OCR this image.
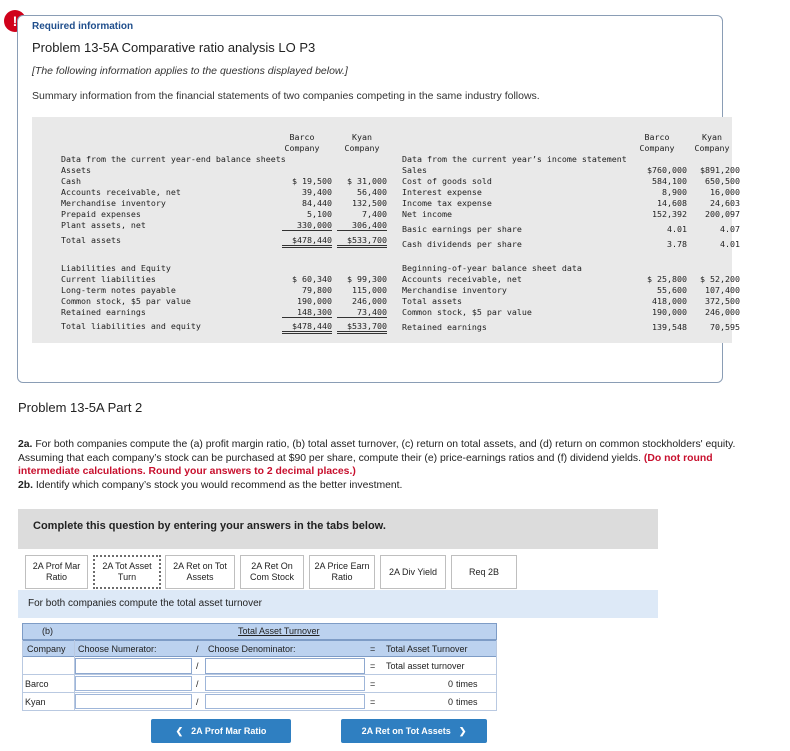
!	Required information
Problem 13-5A Comparative ratio analysis LO P3
[The following information applies to the questions displayed below.]
Summary information from the financial statements of two companies competing in the same industry follows.
Barco	Kyan
Company	Company
Data from the current year-end balance sheets
Assets
Total assets	$478,440	$533,700
Liabilities and Equity
Total liabilities and equity	$478,440	$533,700
Barco	Kyan
Company	Company
Data from the current year’s income statement
Beginning-of-year balance sheet data
Cash	$ 19,500	$ 31,000
Accounts receivable, net	39,400	56,400
Merchandise inventory	84,440	132,500
Prepaid expenses	5,100	7,400
Plant assets, net	330,000	306,400
Current liabilities	$ 60,340	$ 99,300
Long-term notes payable	79,800	115,000
Common stock, $5 par value	190,000	246,000
Retained earnings	148,300	73,400
Sales	$760,000	$891,200
Cost of goods sold	584,100	650,500
Interest expense	8,900	16,000
Income tax expense	14,608	24,603
Net income	152,392	200,097
Basic earnings per share	4.01	4.07
Cash dividends per share	3.78	4.01
Accounts receivable, net	$ 25,800	$ 52,200
Merchandise inventory	55,600	107,400
Total assets	418,000	372,500
Common stock, $5 par value	190,000	246,000
Retained earnings	139,548	70,595
Problem 13-5A Part 2
2a. For both companies compute the (a) profit margin ratio, (b) total asset turnover, (c) return on total assets, and (d) return on common stockholders' equity. Assuming that each company’s stock can be purchased at $90 per share, compute their (e) price-earnings ratios and (f) dividend yields. (Do not round intermediate calculations. Round your answers to 2 decimal places.)
2b. Identify which company’s stock you would recommend as the better investment.
Complete this question by entering your answers in the tabs below.
2A Prof Mar
Ratio
2A Tot Asset
Turn
2A Ret on Tot
Assets
2A Ret On
Com Stock
2A Price Earn
Ratio
2A Div Yield	Req 2B
For both companies compute the total asset turnover
(b)	Total Asset Turnover
Company Choose Numerator:	/ Choose Denominator:	= Total Asset Turnover
/	= Total asset turnover
Barco	/	=	0 times
Kyan	/	=	0 times
❮ 2A Prof Mar Ratio	2A Ret on Tot Assets ❯
